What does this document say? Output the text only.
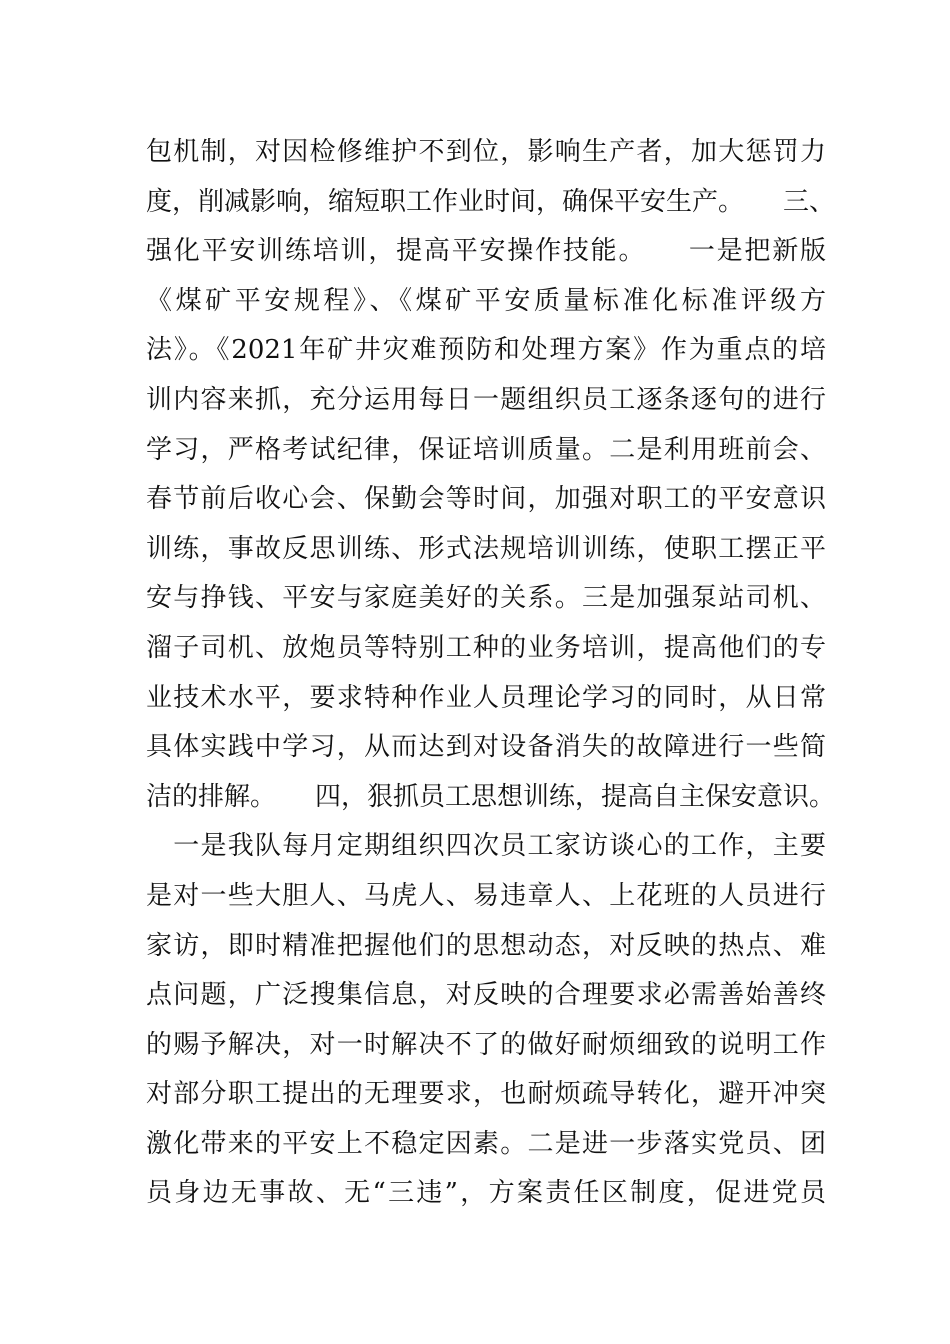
包机制，对因检修维护不到位，影响生产者，加大惩罚力
度，削减影响，缩短职工作业时间，确保平安生产。　　三、
强化平安训练培训，提高平安操作技能。　　一是把新版
《煤矿平安规程》、《煤矿平安质量标准化标准评级方
法》。《2021年矿井灾难预防和处理方案》作为重点的培
训内容来抓，充分运用每日一题组织员工逐条逐句的进行
学习，严格考试纪律，保证培训质量。二是利用班前会、
春节前后收心会、保勤会等时间，加强对职工的平安意识
训练，事故反思训练、形式法规培训训练，使职工摆正平
安与挣钱、平安与家庭美好的关系。三是加强泵站司机、
溜子司机、放炮员等特别工种的业务培训，提高他们的专
业技术水平，要求特种作业人员理论学习的同时，从日常
具体实践中学习，从而达到对设备消失的故障进行一些简
洁的排解。　　四，狠抓员工思想训练，提高自主保安意识。
　一是我队每月定期组织四次员工家访谈心的工作，主要
是对一些大胆人、马虎人、易违章人、上花班的人员进行
家访，即时精准把握他们的思想动态，对反映的热点、难
点问题，广泛搜集信息，对反映的合理要求必需善始善终
的赐予解决，对一时解决不了的做好耐烦细致的说明工作
对部分职工提出的无理要求，也耐烦疏导转化，避开冲突
激化带来的平安上不稳定因素。二是进一步落实党员、团
员身边无事故、无“三违”，方案责任区制度，促进党员
